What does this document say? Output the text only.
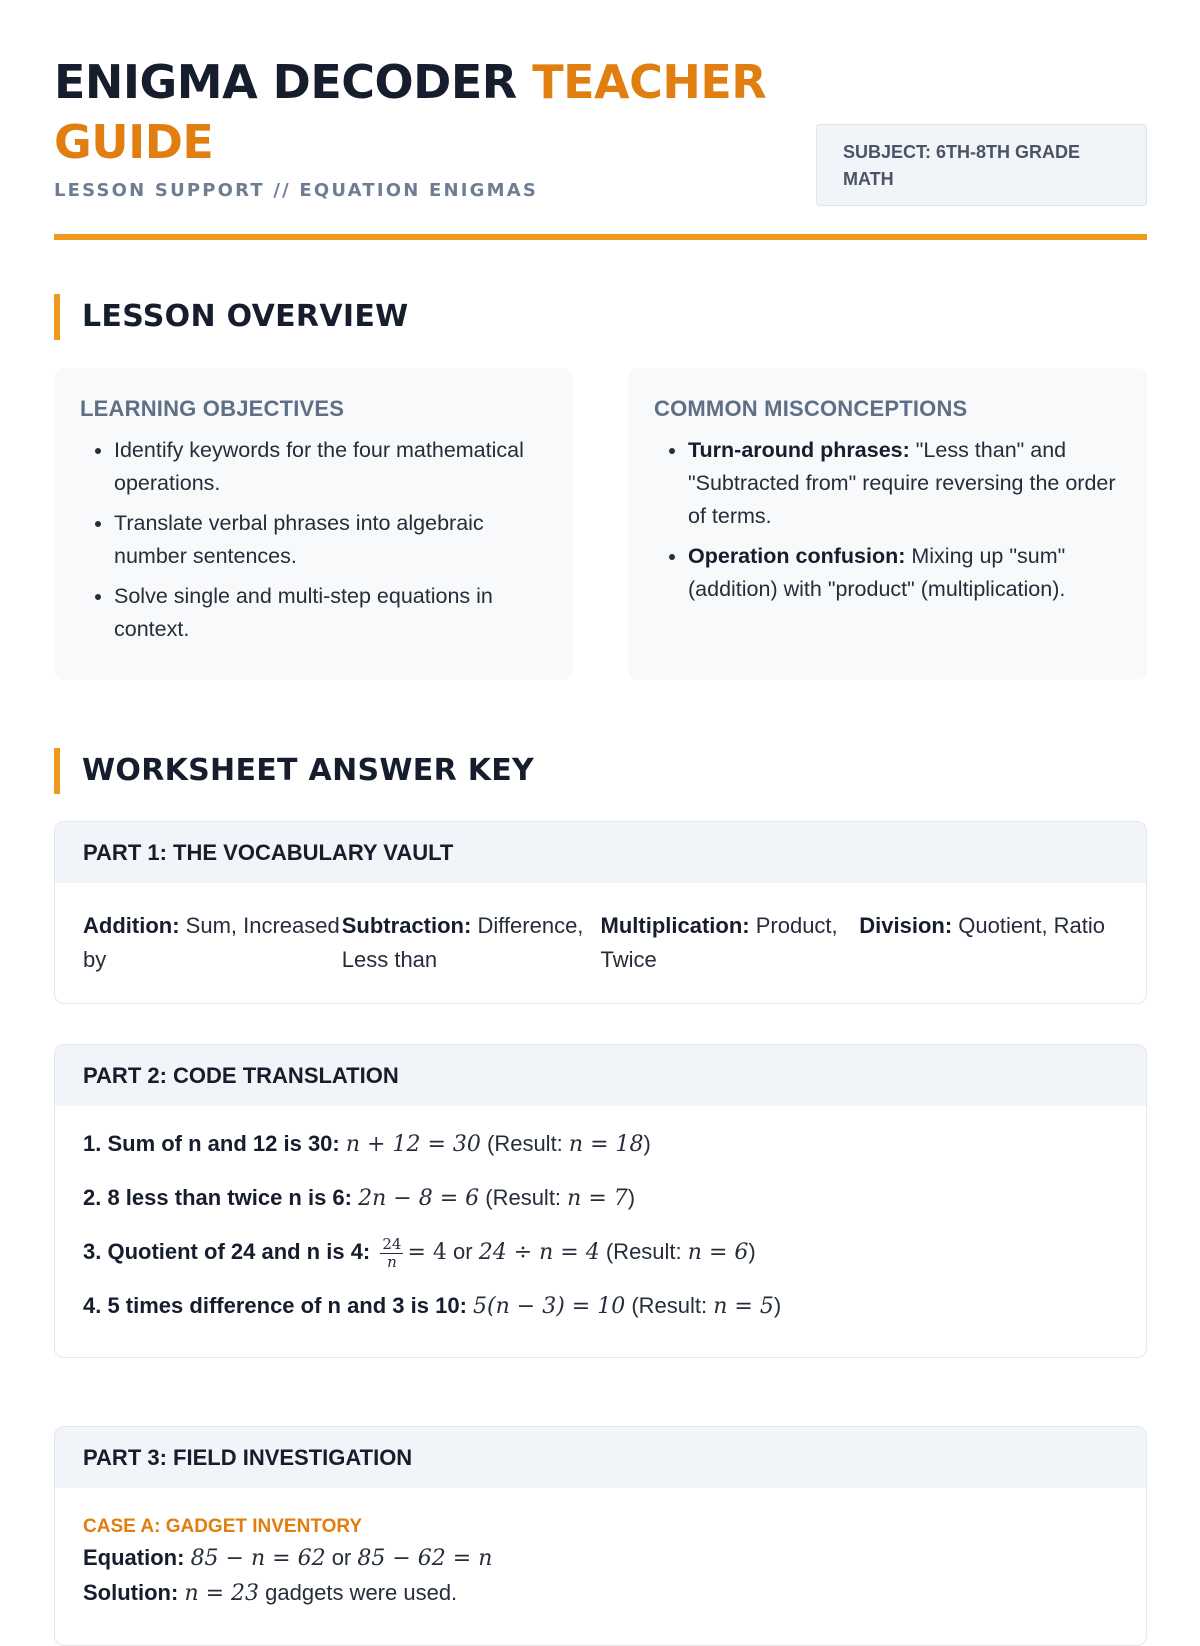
ENIGMA DECODER TEACHER GUIDE
LESSON SUPPORT // EQUATION ENIGMAS
SUBJECT: 6TH-8TH GRADE MATH
LESSON OVERVIEW
LEARNING OBJECTIVES
• Identify keywords for the four mathematical operations.
• Translate verbal phrases into algebraic number sentences.
• Solve single and multi-step equations in context.
COMMON MISCONCEPTIONS
• Turn-around phrases: "Less than" and "Subtracted from" require reversing the order of terms.
• Operation confusion: Mixing up "sum" (addition) with "product" (multiplication).
WORKSHEET ANSWER KEY
PART 1: THE VOCABULARY VAULT
Addition: Sum, Increased by
Subtraction: Difference, Less than
Multiplication: Product, Twice
Division: Quotient, Ratio
PART 2: CODE TRANSLATION
1. Sum of n and 12 is 30: n + 12 = 30 (Result: n = 18)
2. 8 less than twice n is 6: 2n − 8 = 6 (Result: n = 7)
3. Quotient of 24 and n is 4: $\frac{24}{n} = 4$ or 24 ÷ n = 4 (Result: n = 6)
4. 5 times difference of n and 3 is 10: 5(n − 3) = 10 (Result: n = 5)
PART 3: FIELD INVESTIGATION
CASE A: GADGET INVENTORY
Equation: 85 − n = 62 or 85 − 62 = n
Solution: n = 23 gadgets were used.
